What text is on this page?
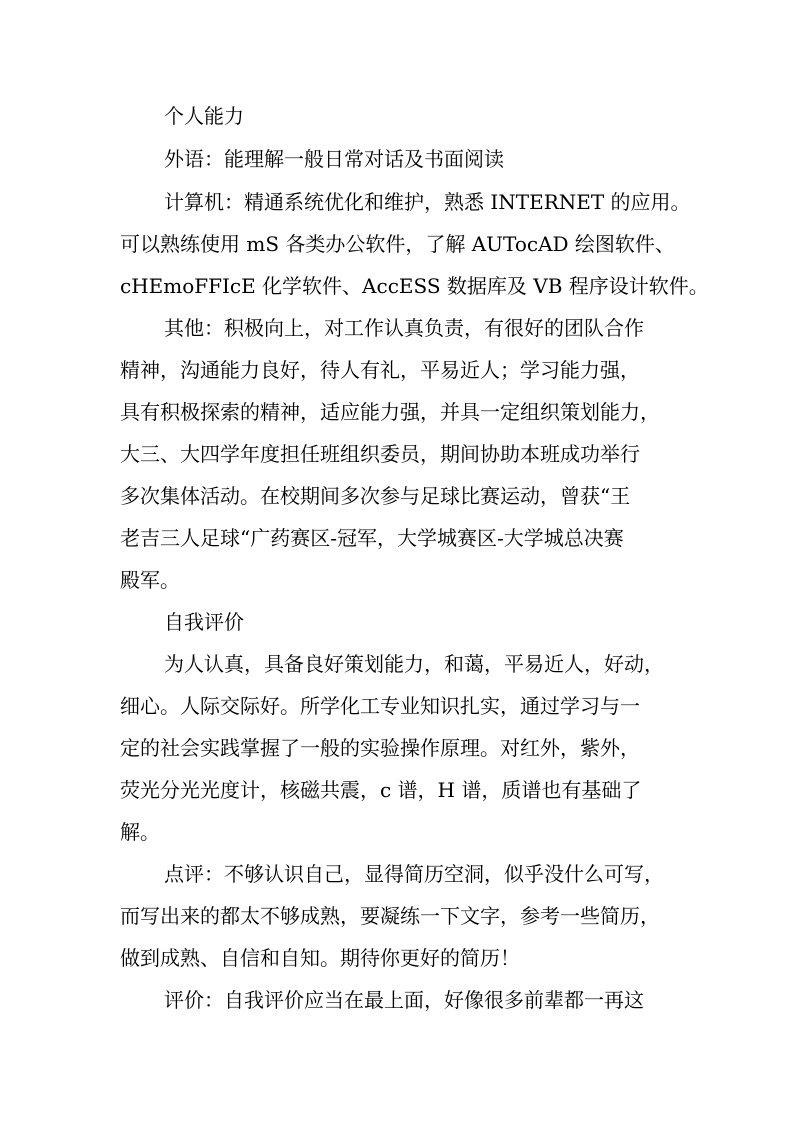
个人能力
外语：能理解一般日常对话及书面阅读
计算机：精通系统优化和维护，熟悉 INTERNET 的应用。
可以熟练使用 mS 各类办公软件，了解 AUTocAD 绘图软件、
cHEmoFFIcE 化学软件、AccESS 数据库及 VB 程序设计软件。
其他：积极向上，对工作认真负责，有很好的团队合作
精神，沟通能力良好，待人有礼，平易近人；学习能力强，
具有积极探索的精神，适应能力强，并具一定组织策划能力，
大三、大四学年度担任班组织委员，期间协助本班成功举行
多次集体活动。在校期间多次参与足球比赛运动，曾获“王
老吉三人足球“广药赛区-冠军，大学城赛区-大学城总决赛
殿军。
自我评价
为人认真，具备良好策划能力，和蔼，平易近人，好动，
细心。人际交际好。所学化工专业知识扎实，通过学习与一
定的社会实践掌握了一般的实验操作原理。对红外，紫外，
荧光分光光度计，核磁共震，c 谱，H 谱，质谱也有基础了
解。
点评：不够认识自己，显得简历空洞，似乎没什么可写，
而写出来的都太不够成熟，要凝练一下文字，参考一些简历，
做到成熟、自信和自知。期待你更好的简历！
评价：自我评价应当在最上面，好像很多前辈都一再这
